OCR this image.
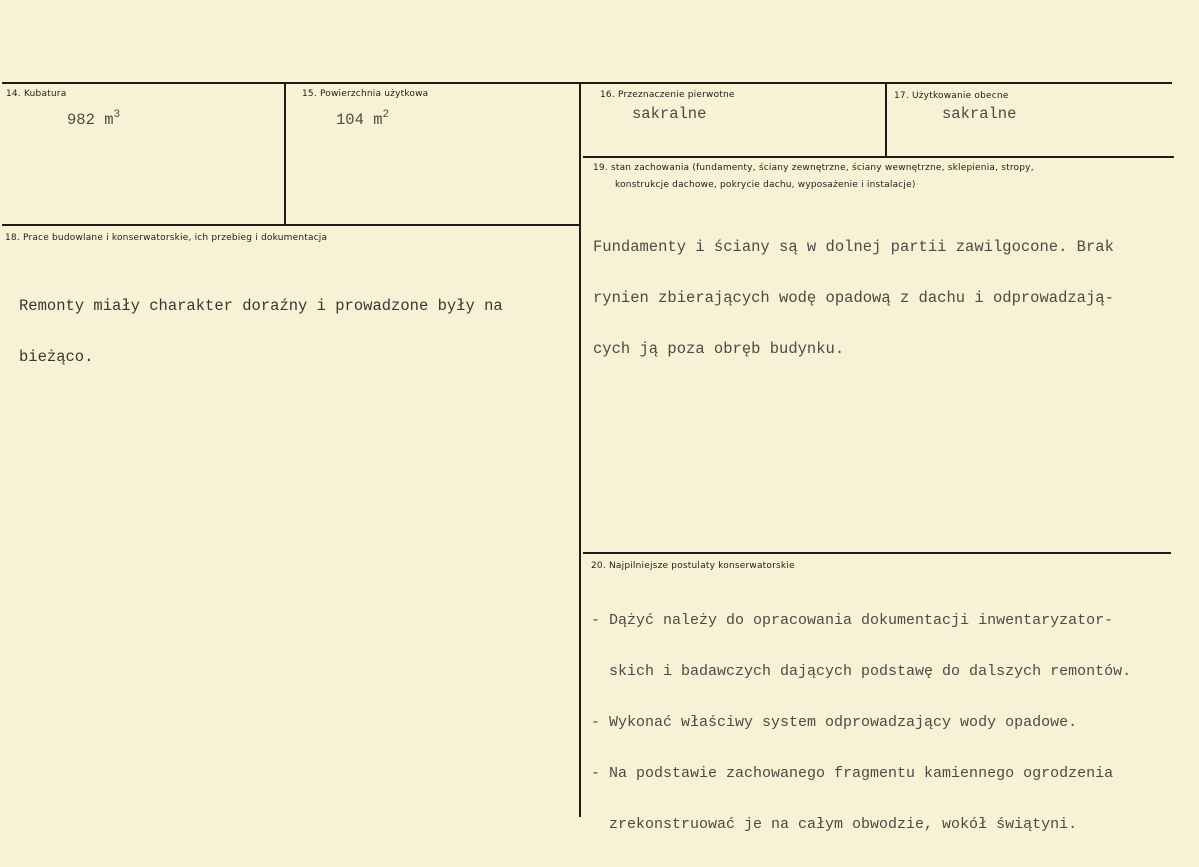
14. Kubatura
982 $m^3$
15. Powierzchnia użytkowa
104 $m^2$
16. Przeznaczenie pierwotne
sakralne
17. Użytkowanie obecne
sakralne
18. Prace budowlane i konserwatorskie, ich przebieg i dokumentacja

Remonty miały charakter doraźny i prowadzone były na

bieżąco.

19. stan zachowania (fundamenty, ściany zewnętrzne, ściany wewnętrzne, sklepienia, stropy,
konstrukcje dachowe, pokrycie dachu, wyposażenie i instalacje)

Fundamenty i ściany są w dolnej partii zawilgocone. Brak

rynien zbierających wodę opadową z dachu i odprowadzają-

cych ją poza obręb budynku.

20. Najpilniejsze postulaty konserwatorskie

- Dążyć należy do opracowania dokumentacji inwentaryzator-

skich i badawczych dających podstawę do dalszych remontów.

- Wykonać właściwy system odprowadzający wody opadowe.

- Na podstawie zachowanego fragmentu kamiennego ogrodzenia

zrekonstruować je na całym obwodzie, wokół świątyni.
